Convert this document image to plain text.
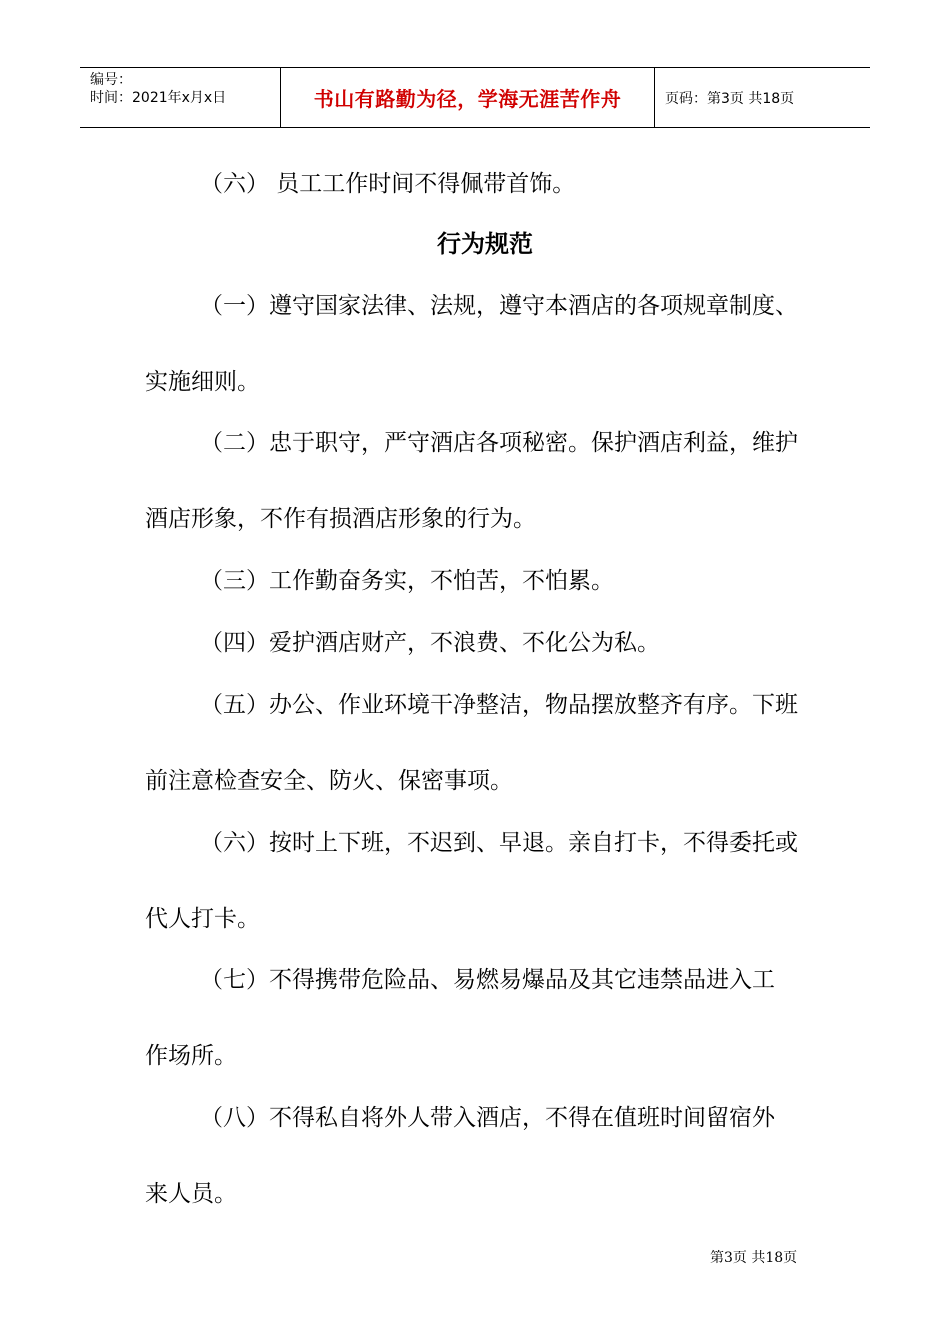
编号：
时间：2021年x月x日	书山有路勤为径，学海无涯苦作舟	页码：第3页 共18页

（六） 员工工作时间不得佩带首饰。

行为规范

（一）遵守国家法律、法规，遵守本酒店的各项规章制度、

实施细则。

（二）忠于职守，严守酒店各项秘密。保护酒店利益，维护

酒店形象，不作有损酒店形象的行为。

（三）工作勤奋务实，不怕苦，不怕累。

（四）爱护酒店财产，不浪费、不化公为私。

（五）办公、作业环境干净整洁，物品摆放整齐有序。下班

前注意检查安全、防火、保密事项。

（六）按时上下班，不迟到、早退。亲自打卡，不得委托或

代人打卡。

（七）不得携带危险品、易燃易爆品及其它违禁品进入工

作场所。

（八）不得私自将外人带入酒店，不得在值班时间留宿外

来人员。

第3页 共18页
